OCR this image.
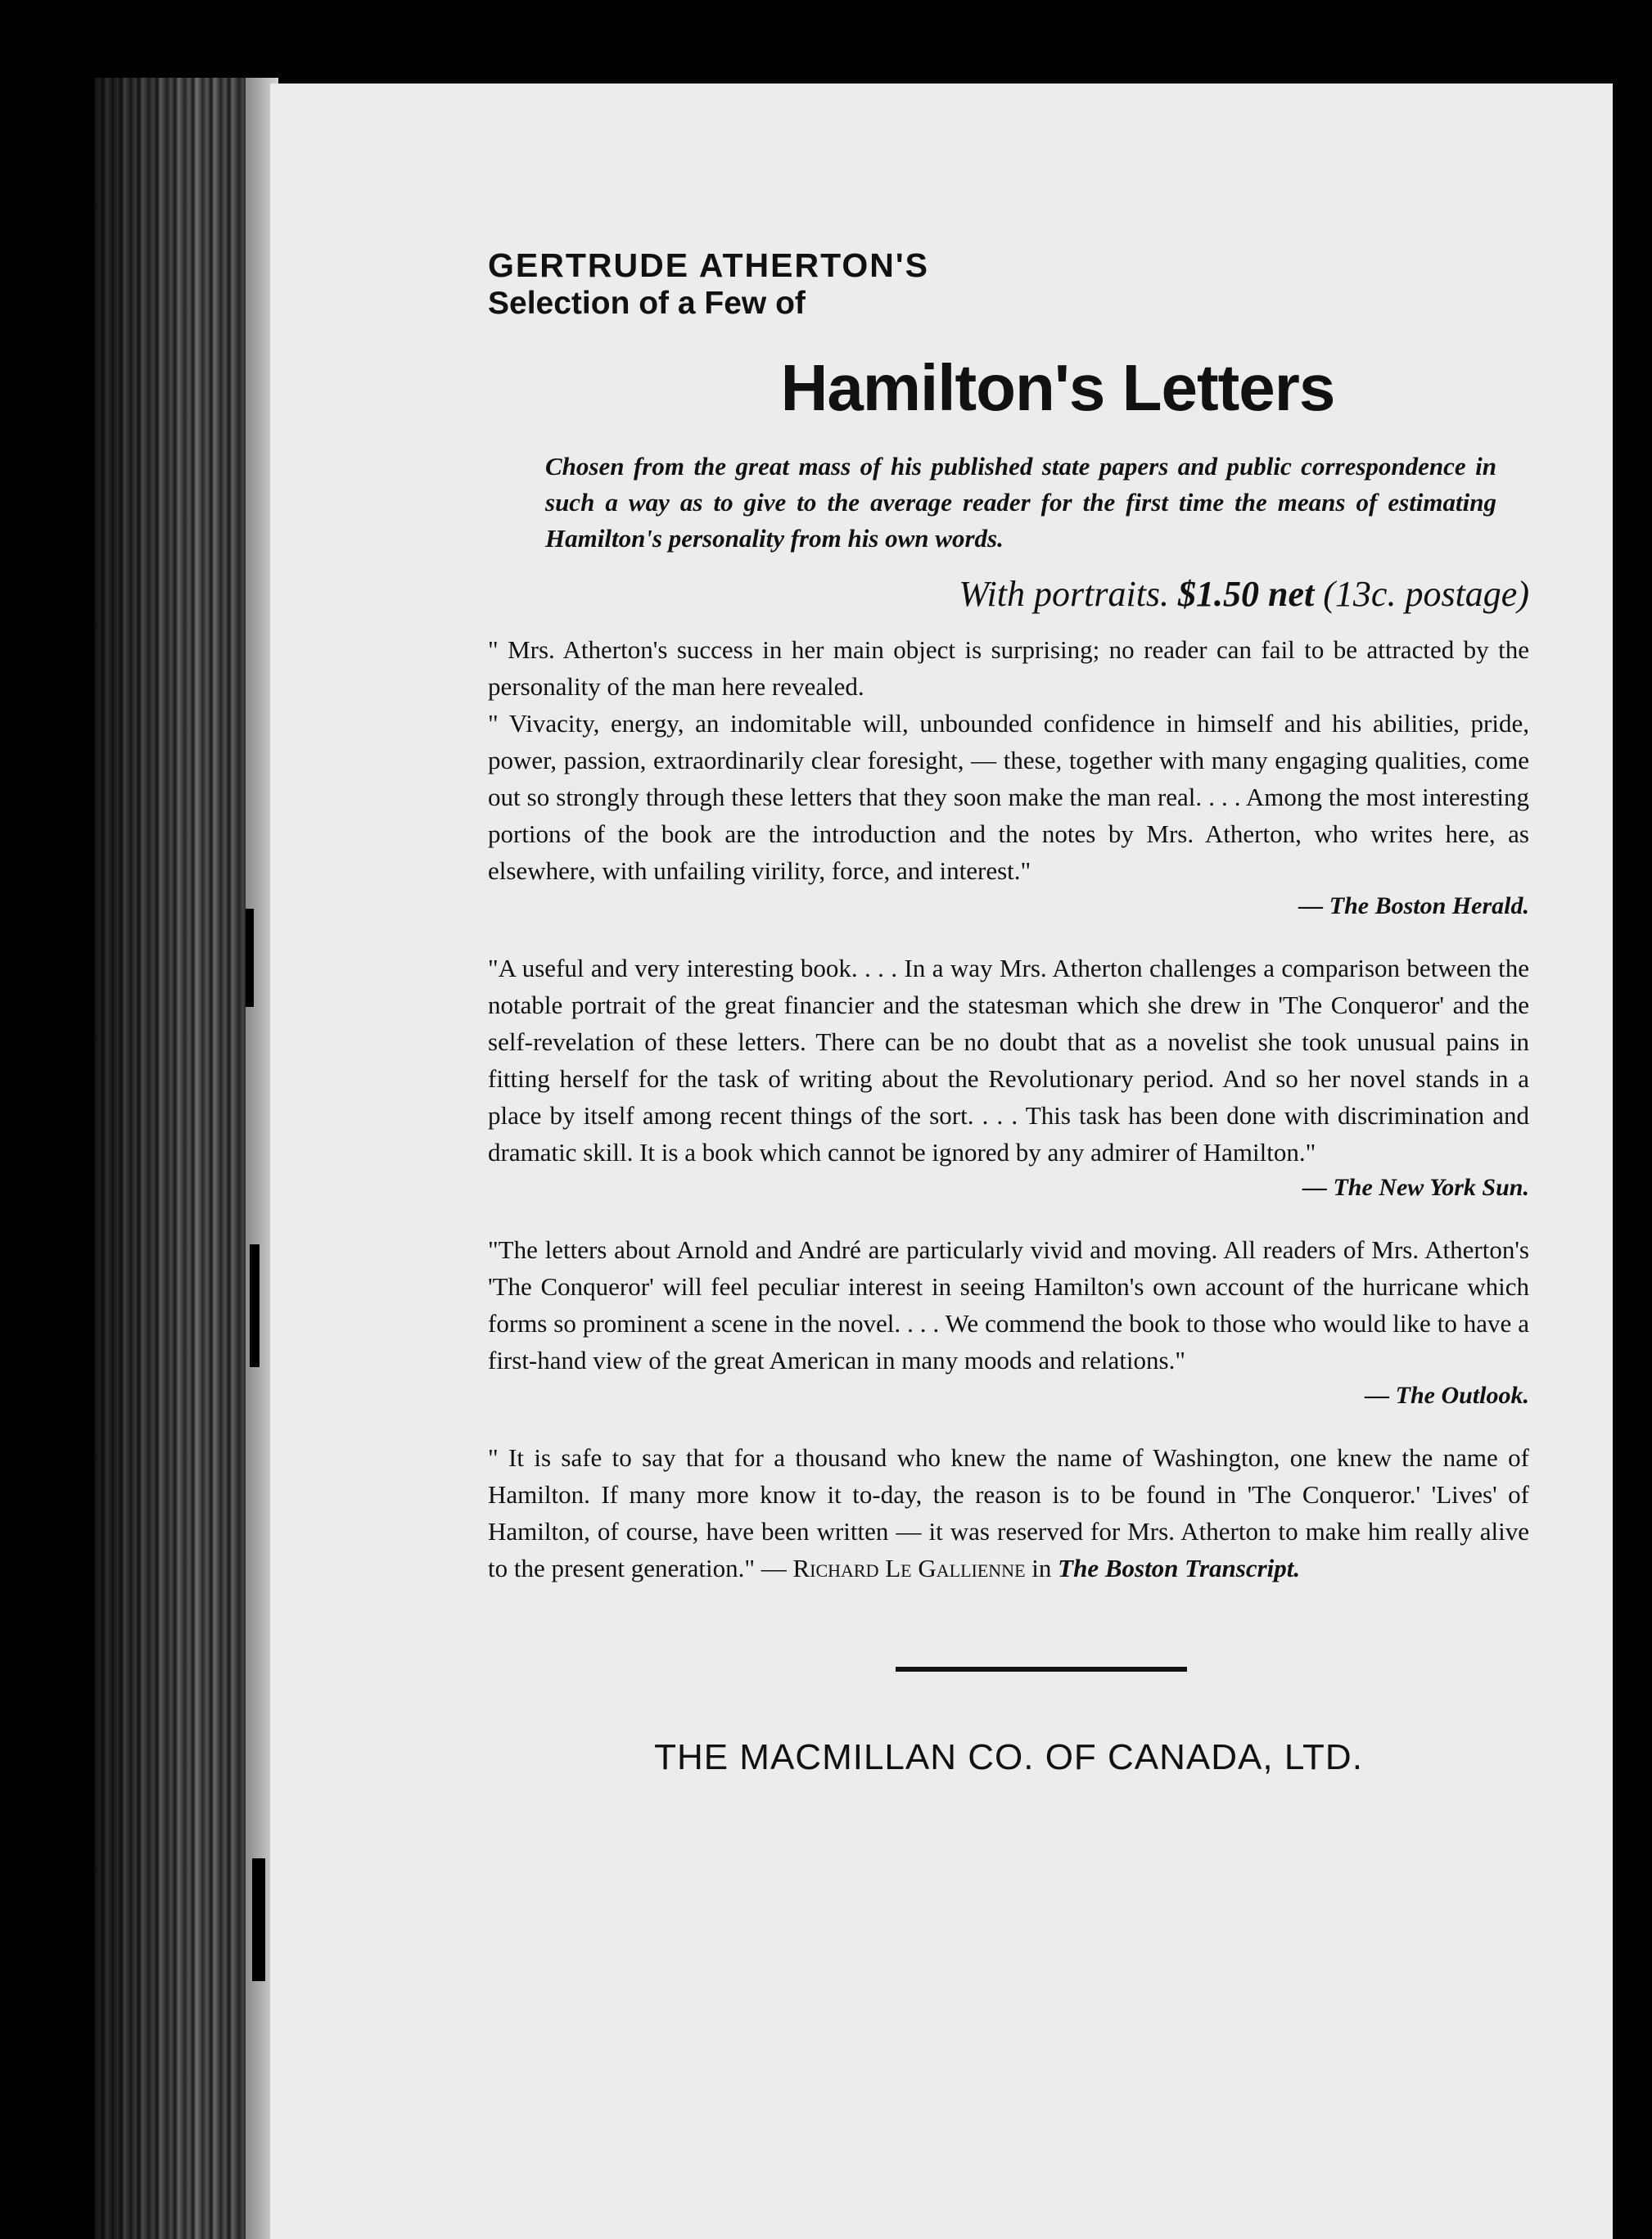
GERTRUDE ATHERTON'S
Selection of a Few of
Hamilton's Letters
Chosen from the great mass of his published state papers and public correspondence in such a way as to give to the average reader for the first time the means of estimating Hamilton's personality from his own words.
With portraits. $1.50 net (13c. postage)
" Mrs. Atherton's success in her main object is surprising; no reader can fail to be attracted by the personality of the man here revealed.
" Vivacity, energy, an indomitable will, unbounded confidence in himself and his abilities, pride, power, passion, extraordinarily clear foresight, — these, together with many engaging qualities, come out so strongly through these letters that they soon make the man real. . . . Among the most interesting portions of the book are the introduction and the notes by Mrs. Atherton, who writes here, as elsewhere, with unfailing virility, force, and interest."
— The Boston Herald.
"A useful and very interesting book. . . . In a way Mrs. Atherton challenges a comparison between the notable portrait of the great financier and the statesman which she drew in 'The Conqueror' and the self-revelation of these letters. There can be no doubt that as a novelist she took unusual pains in fitting herself for the task of writing about the Revolutionary period. And so her novel stands in a place by itself among recent things of the sort. . . . This task has been done with discrimination and dramatic skill. It is a book which cannot be ignored by any admirer of Hamilton."
— The New York Sun.
"The letters about Arnold and André are particularly vivid and moving. All readers of Mrs. Atherton's 'The Conqueror' will feel peculiar interest in seeing Hamilton's own account of the hurricane which forms so prominent a scene in the novel. . . . We commend the book to those who would like to have a first-hand view of the great American in many moods and relations."
— The Outlook.
" It is safe to say that for a thousand who knew the name of Washington, one knew the name of Hamilton. If many more know it to-day, the reason is to be found in 'The Conqueror.' 'Lives' of Hamilton, of course, have been written — it was reserved for Mrs. Atherton to make him really alive to the present generation." — Richard Le Gallienne in The Boston Transcript.
THE MACMILLAN CO. OF CANADA, LTD.
